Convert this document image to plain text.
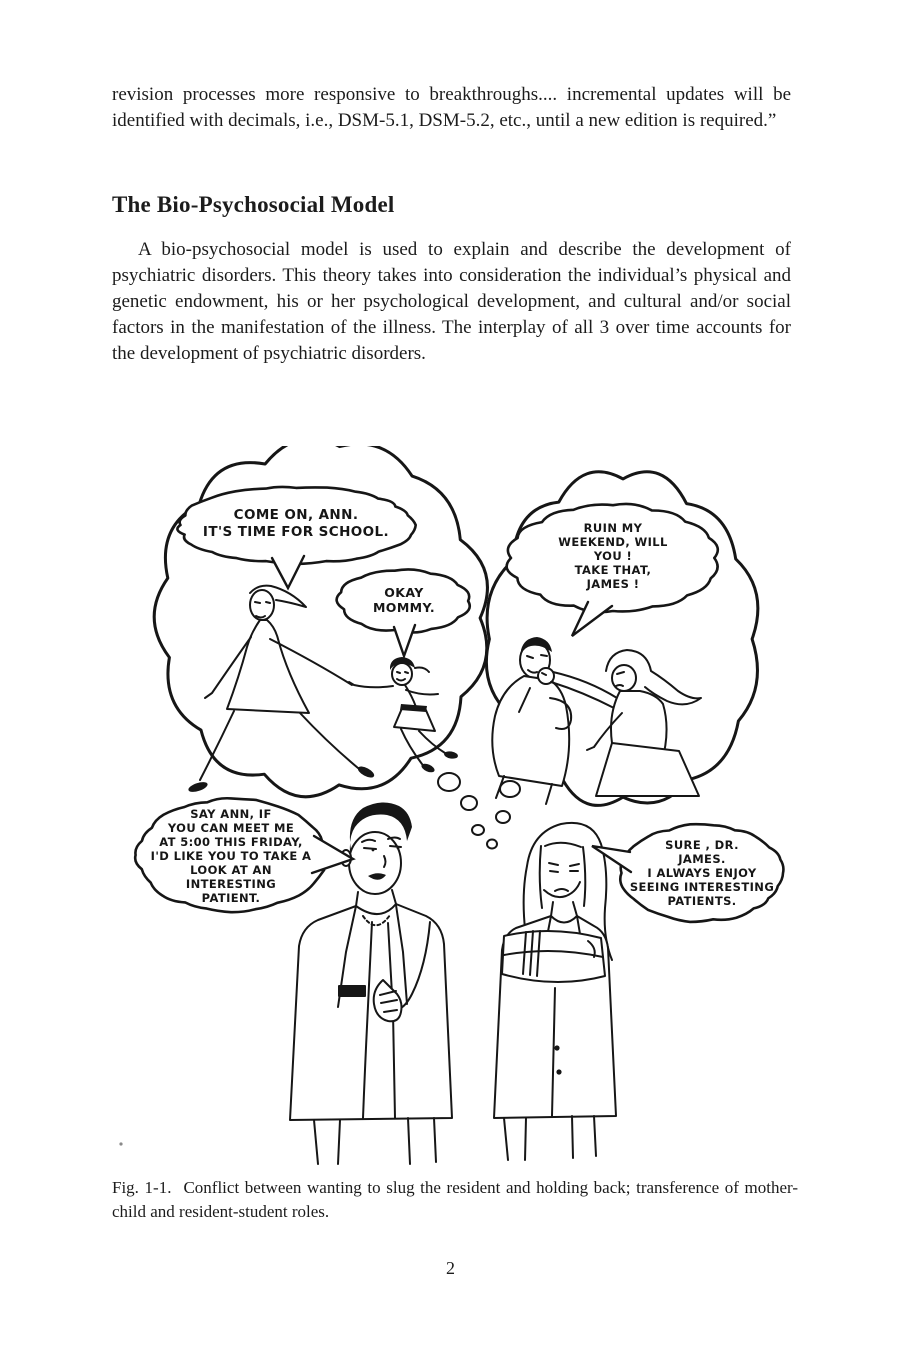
revision processes more responsive to breakthroughs.... incremental updates will be identified with decimals, i.e., DSM-5.1, DSM-5.2, etc., until a new edition is required.”

The Bio-Psychosocial Model

A bio-psychosocial model is used to explain and describe the development of psychiatric disorders. This theory takes into consideration the individual’s physical and genetic endowment, his or her psychological development, and cultural and/or social factors in the manifestation of the illness. The interplay of all 3 over time accounts for the development of psychiatric disorders.

COME ON, ANN.
IT'S TIME FOR SCHOOL.
OKAY
MOMMY.
RUIN MY
WEEKEND, WILL
YOU !
TAKE THAT,
JAMES !
SAY ANN, IF
YOU CAN MEET ME
AT 5:00 THIS FRIDAY,
I'D LIKE YOU TO TAKE A
LOOK AT AN
INTERESTING
PATIENT.
SURE , DR.
JAMES.
I ALWAYS ENJOY
SEEING INTERESTING
PATIENTS.

Fig. 1-1. Conflict between wanting to slug the resident and holding back; transference of mother-child and resident-student roles.

2
